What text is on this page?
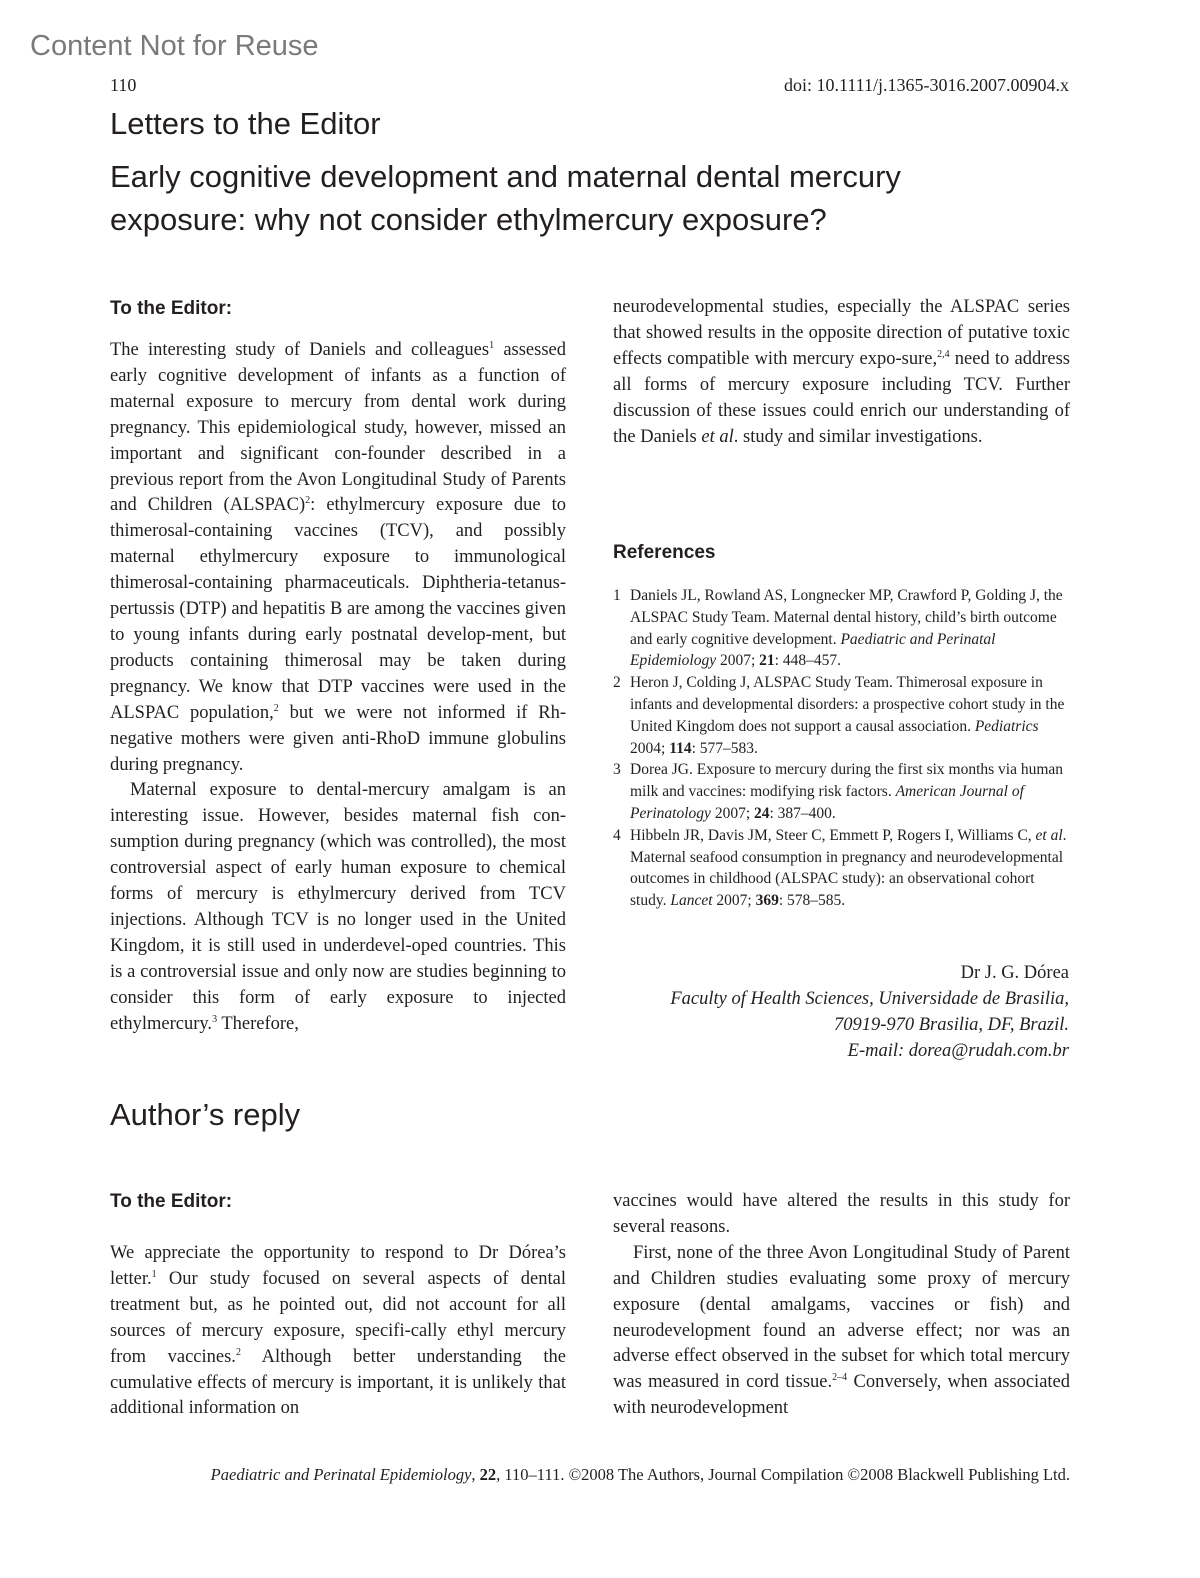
Content Not for Reuse
110	doi: 10.1111/j.1365-3016.2007.00904.x
Letters to the Editor
Early cognitive development and maternal dental mercury
exposure: why not consider ethylmercury exposure?
To the Editor:

The interesting study of Daniels and colleagues$^1$ assessed early cognitive development of infants as a function of maternal exposure to mercury from dental work during pregnancy. This epidemiological study, however, missed an important and significant con-founder described in a previous report from the Avon Longitudinal Study of Parents and Children (ALSPAC)$^2$: ethylmercury exposure due to thimerosal-containing vaccines (TCV), and possibly maternal ethylmercury exposure to immunological thimerosal-containing pharmaceuticals. Diphtheria-tetanus-pertussis (DTP) and hepatitis B are among the vaccines given to young infants during early postnatal develop-ment, but products containing thimerosal may be taken during pregnancy. We know that DTP vaccines were used in the ALSPAC population,$^2$ but we were not informed if Rh-negative mothers were given anti-RhoD immune globulins during pregnancy.

Maternal exposure to dental-mercury amalgam is an interesting issue. However, besides maternal fish con-sumption during pregnancy (which was controlled), the most controversial aspect of early human exposure to chemical forms of mercury is ethylmercury derived from TCV injections. Although TCV is no longer used in the United Kingdom, it is still used in underdevel-oped countries. This is a controversial issue and only now are studies beginning to consider this form of early exposure to injected ethylmercury.$^3$ Therefore,

neurodevelopmental studies, especially the ALSPAC series that showed results in the opposite direction of putative toxic effects compatible with mercury expo-sure,$^{2,4}$ need to address all forms of mercury exposure including TCV. Further discussion of these issues could enrich our understanding of the Daniels et al. study and similar investigations.

References

1 Daniels JL, Rowland AS, Longnecker MP, Crawford P, Golding J, the ALSPAC Study Team. Maternal dental history, child’s birth outcome and early cognitive development. Paediatric and Perinatal Epidemiology 2007; 21: 448–457.

2 Heron J, Colding J, ALSPAC Study Team. Thimerosal exposure in infants and developmental disorders: a prospective cohort study in the United Kingdom does not support a causal association. Pediatrics 2004; 114: 577–583.

3 Dorea JG. Exposure to mercury during the first six months via human milk and vaccines: modifying risk factors. American Journal of Perinatology 2007; 24: 387–400.

4 Hibbeln JR, Davis JM, Steer C, Emmett P, Rogers I, Williams C, et al. Maternal seafood consumption in pregnancy and neurodevelopmental outcomes in childhood (ALSPAC study): an observational cohort study. Lancet 2007; 369: 578–585.

Dr J. G. Dórea
Faculty of Health Sciences, Universidade de Brasilia,
70919-970 Brasilia, DF, Brazil.
E-mail: dorea@rudah.com.br
Author’s reply
To the Editor:

We appreciate the opportunity to respond to Dr Dórea’s letter.$^1$ Our study focused on several aspects of dental treatment but, as he pointed out, did not account for all sources of mercury exposure, specifi-cally ethyl mercury from vaccines.$^2$ Although better understanding the cumulative effects of mercury is important, it is unlikely that additional information on

vaccines would have altered the results in this study for several reasons.

First, none of the three Avon Longitudinal Study of Parent and Children studies evaluating some proxy of mercury exposure (dental amalgams, vaccines or fish) and neurodevelopment found an adverse effect; nor was an adverse effect observed in the subset for which total mercury was measured in cord tissue.$^{2-4}$ Conversely, when associated with neurodevelopment

Paediatric and Perinatal Epidemiology, 22, 110–111. ©2008 The Authors, Journal Compilation ©2008 Blackwell Publishing Ltd.
